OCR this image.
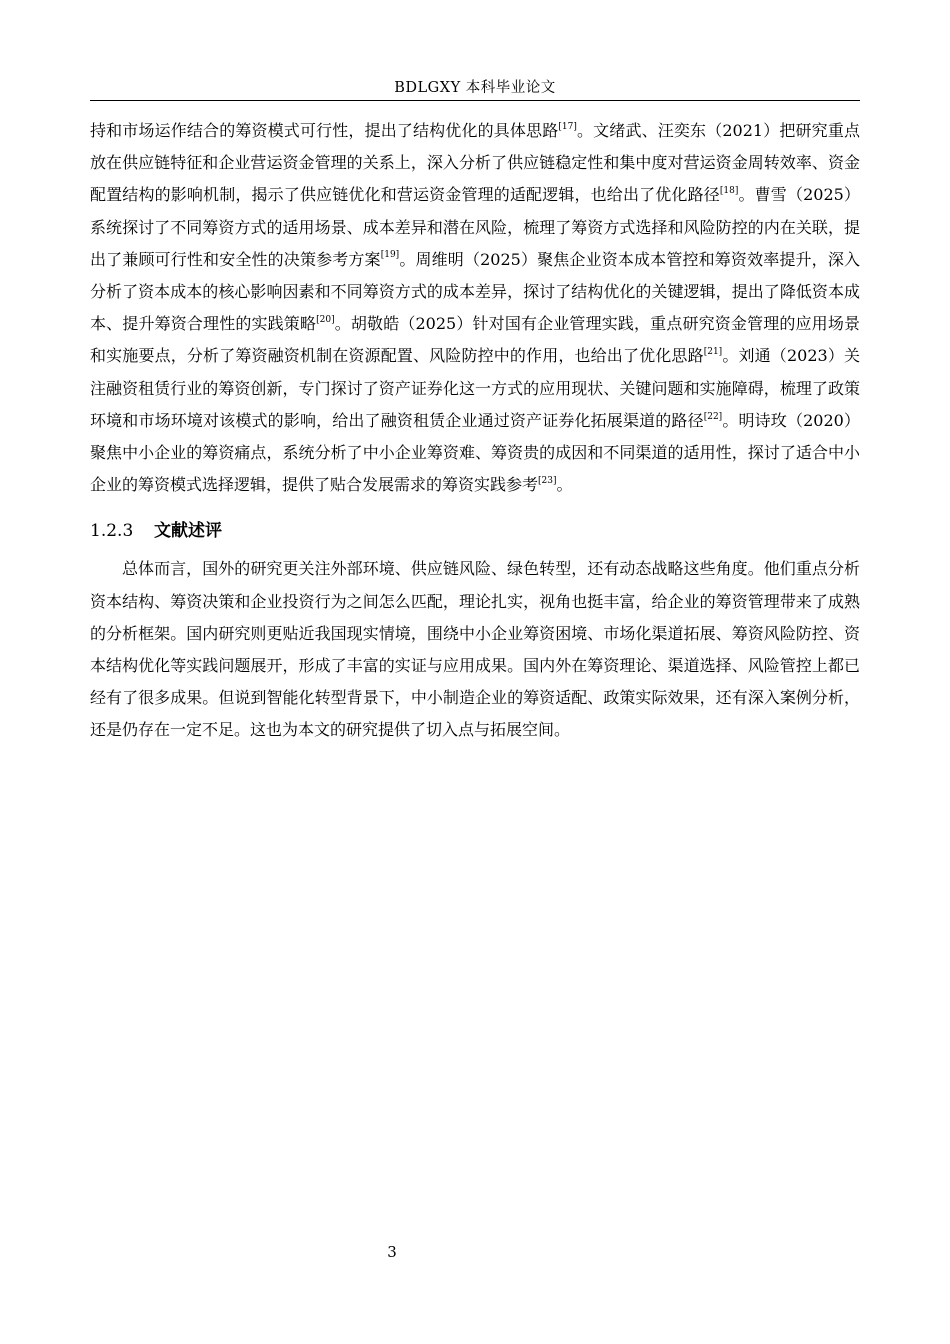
BDLGXY 本科毕业论文

持和市场运作结合的筹资模式可行性，提出了结构优化的具体思路[17]。文绪武、汪奕东（2021）把研究重点放在供应链特征和企业营运资金管理的关系上，深入分析了供应链稳定性和集中度对营运资金周转效率、资金配置结构的影响机制，揭示了供应链优化和营运资金管理的适配逻辑，也给出了优化路径[18]。曹雪（2025）系统探讨了不同筹资方式的适用场景、成本差异和潜在风险，梳理了筹资方式选择和风险防控的内在关联，提出了兼顾可行性和安全性的决策参考方案[19]。周维明（2025）聚焦企业资本成本管控和筹资效率提升，深入分析了资本成本的核心影响因素和不同筹资方式的成本差异，探讨了结构优化的关键逻辑，提出了降低资本成本、提升筹资合理性的实践策略[20]。胡敬皓（2025）针对国有企业管理实践，重点研究资金管理的应用场景和实施要点，分析了筹资融资机制在资源配置、风险防控中的作用，也给出了优化思路[21]。刘通（2023）关注融资租赁行业的筹资创新，专门探讨了资产证券化这一方式的应用现状、关键问题和实施障碍，梳理了政策环境和市场环境对该模式的影响，给出了融资租赁企业通过资产证券化拓展渠道的路径[22]。明诗玫（2020）聚焦中小企业的筹资痛点，系统分析了中小企业筹资难、筹资贵的成因和不同渠道的适用性，探讨了适合中小企业的筹资模式选择逻辑，提供了贴合发展需求的筹资实践参考[23]。

1.2.3	文献述评

总体而言，国外的研究更关注外部环境、供应链风险、绿色转型，还有动态战略这些角度。他们重点分析资本结构、筹资决策和企业投资行为之间怎么匹配，理论扎实，视角也挺丰富，给企业的筹资管理带来了成熟的分析框架。国内研究则更贴近我国现实情境，围绕中小企业筹资困境、市场化渠道拓展、筹资风险防控、资本结构优化等实践问题展开，形成了丰富的实证与应用成果。国内外在筹资理论、渠道选择、风险管控上都已经有了很多成果。但说到智能化转型背景下，中小制造企业的筹资适配、政策实际效果，还有深入案例分析，还是仍存在一定不足。这也为本文的研究提供了切入点与拓展空间。

3
